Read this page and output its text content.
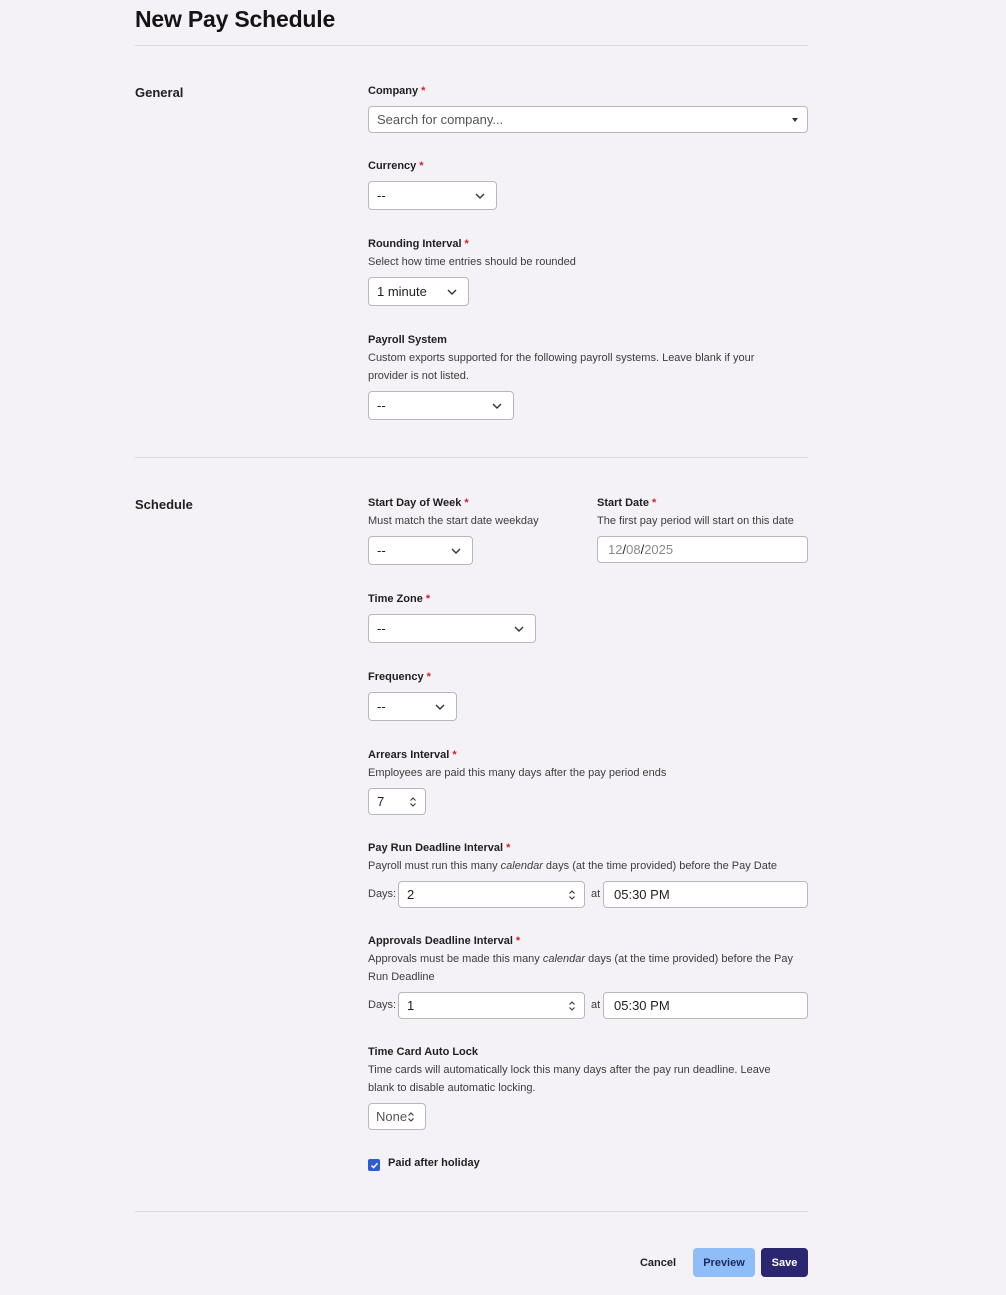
New Pay Schedule
General	Company *
Search for company...
Currency *
--
Rounding Interval *
Select how time entries should be rounded
1 minute
Payroll System
Custom exports supported for the following payroll systems. Leave blank if your
provider is not listed.
--
Schedule	Start Day of Week *
Must match the start date weekday
--
Start Date *
The first pay period will start on this date
12/08/2025
Time Zone *
--
Frequency *
--
Arrears Interval *
Employees are paid this many days after the pay period ends
7
Pay Run Deadline Interval *
Payroll must run this many calendar days (at the time provided) before the Pay Date
Days: 2	at 05:30 PM
Approvals Deadline Interval *
Approvals must be made this many calendar days (at the time provided) before the Pay
Run Deadline
Days: 1	at 05:30 PM
Time Card Auto Lock
Time cards will automatically lock this many days after the pay run deadline. Leave
blank to disable automatic locking.
None
Paid after holiday
Cancel	Preview	Save
